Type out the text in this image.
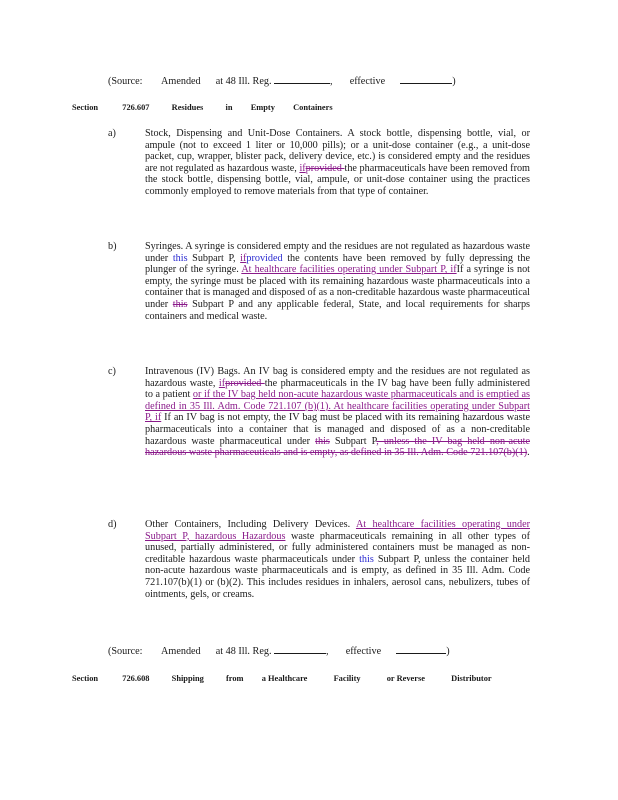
(Source: Amended at 48 Ill. Reg.	, effective	)
Section	726.607	Residues	in Empty Containers
a)	Stock, Dispensing and Unit-Dose Containers. A stock bottle, dispensing bottle, vial, or ampule (not to exceed 1 liter or 10,000 pills); or a unit-dose container (e.g., a unit-dose packet, cup, wrapper, blister pack, delivery device, etc.) is considered empty and the residues are not regulated as hazardous waste, ifprovided the pharmaceuticals have been removed from the stock bottle, dispensing bottle, vial, ampule, or unit-dose container using the practices commonly employed to remove materials from that type of container.
b)	Syringes. A syringe is considered empty and the residues are not regulated as hazardous waste under this Subpart P, ifprovided the contents have been removed by fully depressing the plunger of the syringe. At healthcare facilities operating under Subpart P, ifIf a syringe is not empty, the syringe must be placed with its remaining hazardous waste pharmaceuticals into a container that is managed and disposed of as a non-creditable hazardous waste pharmaceutical under this Subpart P and any applicable federal, State, and local requirements for sharps containers and medical waste.
c)	Intravenous (IV) Bags. An IV bag is considered empty and the residues are not regulated as hazardous waste, ifprovided the pharmaceuticals in the IV bag have been fully administered to a patient or if the IV bag held non-acute hazardous waste pharmaceuticals and is emptied as defined in 35 Ill. Adm. Code 721.107 (b)(1). At healthcare facilities operating under Subpart P, if If an IV bag is not empty, the IV bag must be placed with its remaining hazardous waste pharmaceuticals into a container that is managed and disposed of as a non-creditable hazardous waste pharmaceutical under this Subpart P, unless the IV bag held non-acute hazardous waste pharmaceuticals and is empty, as defined in 35 Ill. Adm. Code 721.107(b)(1).
d)	Other Containers, Including Delivery Devices. At healthcare facilities operating under Subpart P, hazardous Hazardous waste pharmaceuticals remaining in all other types of unused, partially administered, or fully administered containers must be managed as non-creditable hazardous waste pharmaceuticals under this Subpart P, unless the container held non-acute hazardous waste pharmaceuticals and is empty, as defined in 35 Ill. Adm. Code 721.107(b)(1) or (b)(2). This includes residues in inhalers, aerosol cans, nebulizers, tubes of ointments, gels, or creams.
(Source: Amended at 48 Ill. Reg.	, effective	)
Section	726.608	Shipping	from a Healthcare	Facility	or Reverse	Distributor
